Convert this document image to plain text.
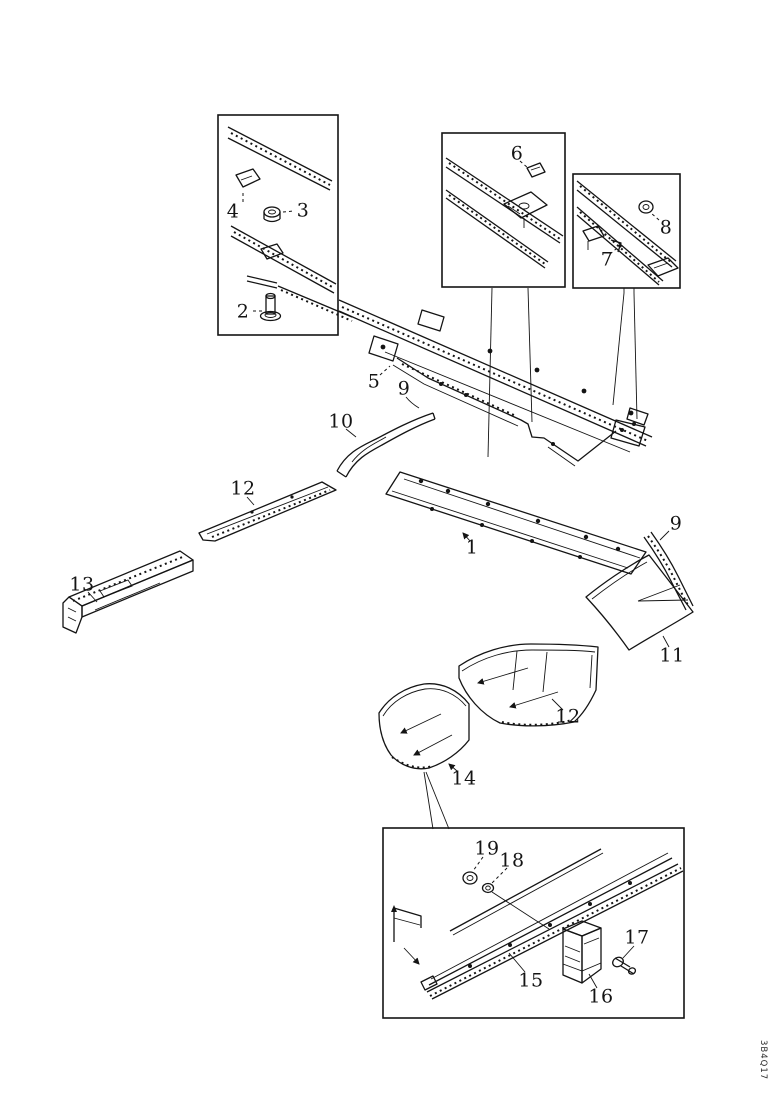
4	3
2
6
8
7
5 9
10
12
13
1
9
11
12
14
19
18
15
17
16
3B4Q17
